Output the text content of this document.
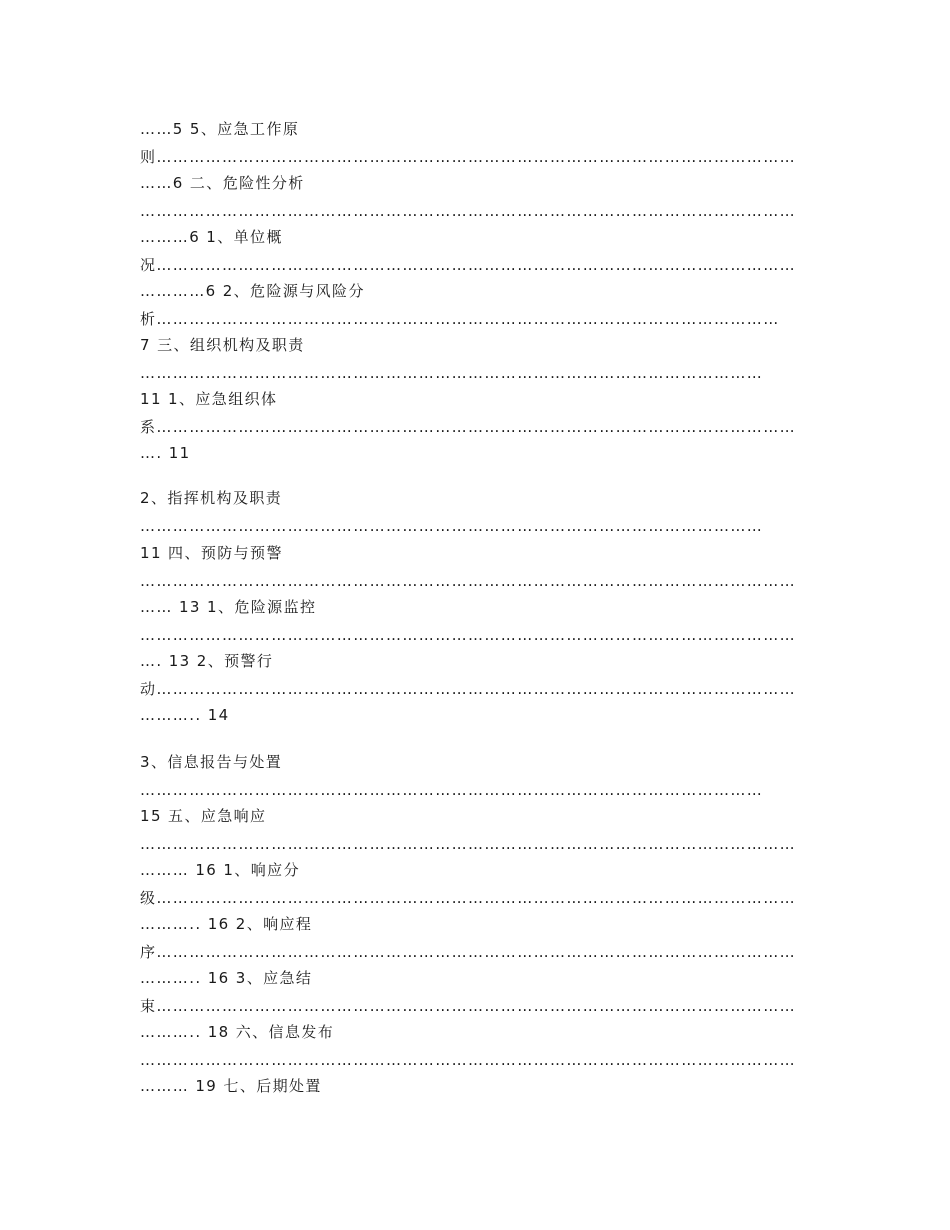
……5 5、应急工作原

则………………………………………………………………………………………………………

……6 二、危险性分析

…………………………………………………………………………………………………………

………6 1、单位概

况………………………………………………………………………………………………………

…………6 2、危险源与风险分

析……………………………………………………………………………………………………

7 三、组织机构及职责

……………………………………………………………………………………………………

11 1、应急组织体

系………………………………………………………………………………………………………

…. 11

2、指挥机构及职责

……………………………………………………………………………………………………

11 四、预防与预警

…………………………………………………………………………………………………………

…… 13 1、危险源监控

…………………………………………………………………………………………………………

…. 13 2、预警行

动………………………………………………………………………………………………………

……….. 14

3、信息报告与处置

……………………………………………………………………………………………………

15 五、应急响应

…………………………………………………………………………………………………………

……… 16 1、响应分

级………………………………………………………………………………………………………

……….. 16 2、响应程

序………………………………………………………………………………………………………

……….. 16 3、应急结

束………………………………………………………………………………………………………

……….. 18 六、信息发布

…………………………………………………………………………………………………………

……… 19 七、后期处置
